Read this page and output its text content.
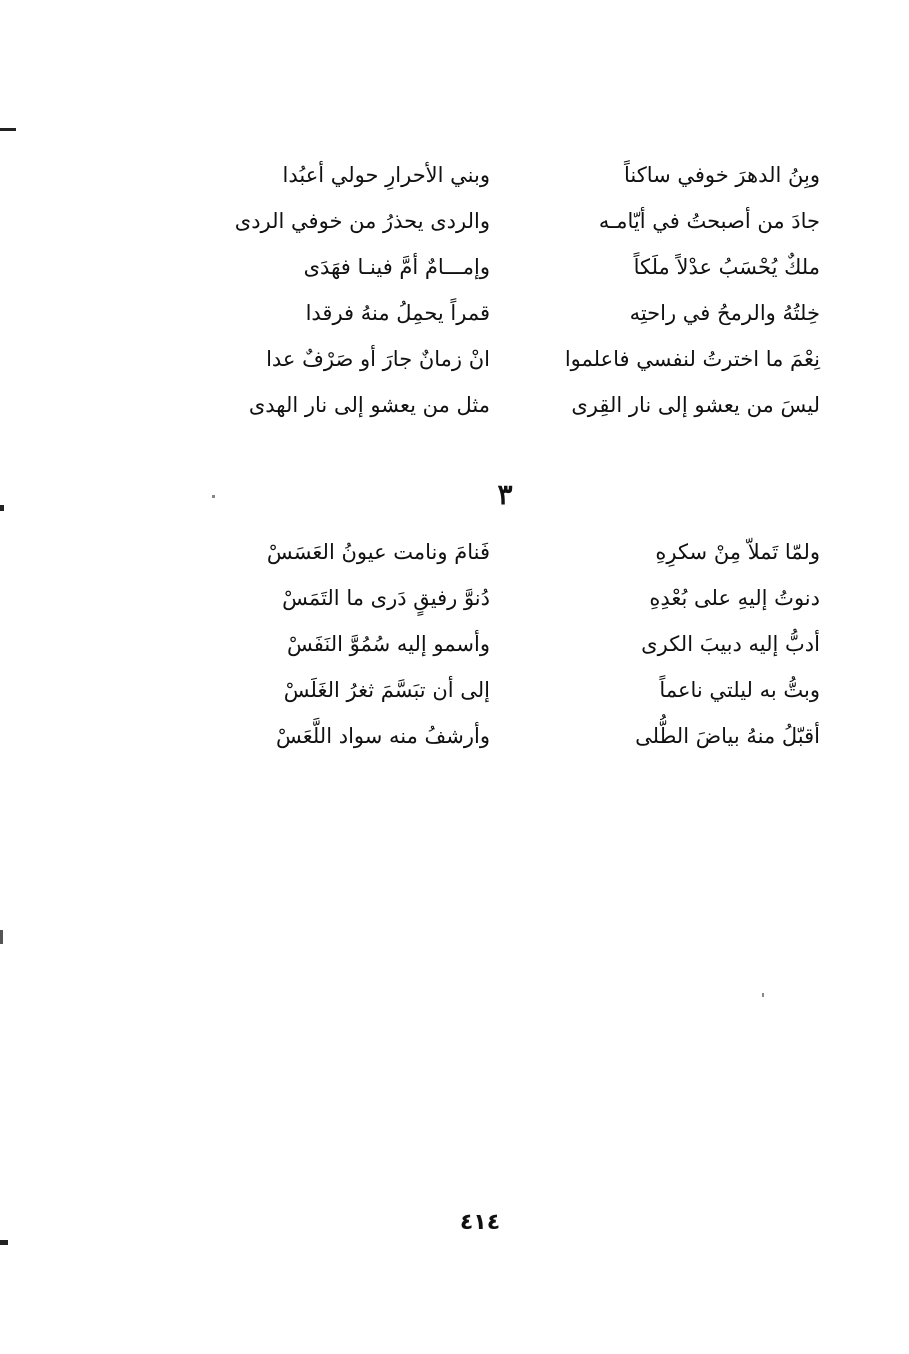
وبِنُ الدهرَ خوفي ساكناً
وبني الأحرارِ حولي أعبُدا
جادَ من أصبحتُ في أيّامـه
والردى يحذرُ من خوفي الردى
ملكٌ يُحْسَبُ عدْلاً ملَكاً
وإمـــامٌ أمَّ فينـا فهَدَى
خِلتُهُ والرمحُ في راحتِه
قمراً يحمِلُ منهُ فرقدا
نِعْمَ ما اخترتُ لنفسي فاعلموا
انْ زمانٌ جارَ أو صَرْفٌ عدا
ليسَ من يعشو إلى نار القِرى
مثل من يعشو إلى نار الهدى
٣
ولمّا تَملاّ مِنْ سكرِهِ
فَنامَ ونامت عيونُ العَسَسْ
دنوتُ إليهِ على بُعْدِهِ
دُنوَّ رفيقٍ دَرى ما التَمَسْ
أدبُّ إليه دبيبَ الكرى
وأسمو إليه سُمُوَّ النَفَسْ
وبتُّ به ليلتي ناعماً
إلى أن تبَسَّمَ ثغرُ الغَلَسْ
أقبّلُ منهُ بياضَ الطُّلى
وأرشفُ منه سواد اللَّعَسْ
٤١٤
